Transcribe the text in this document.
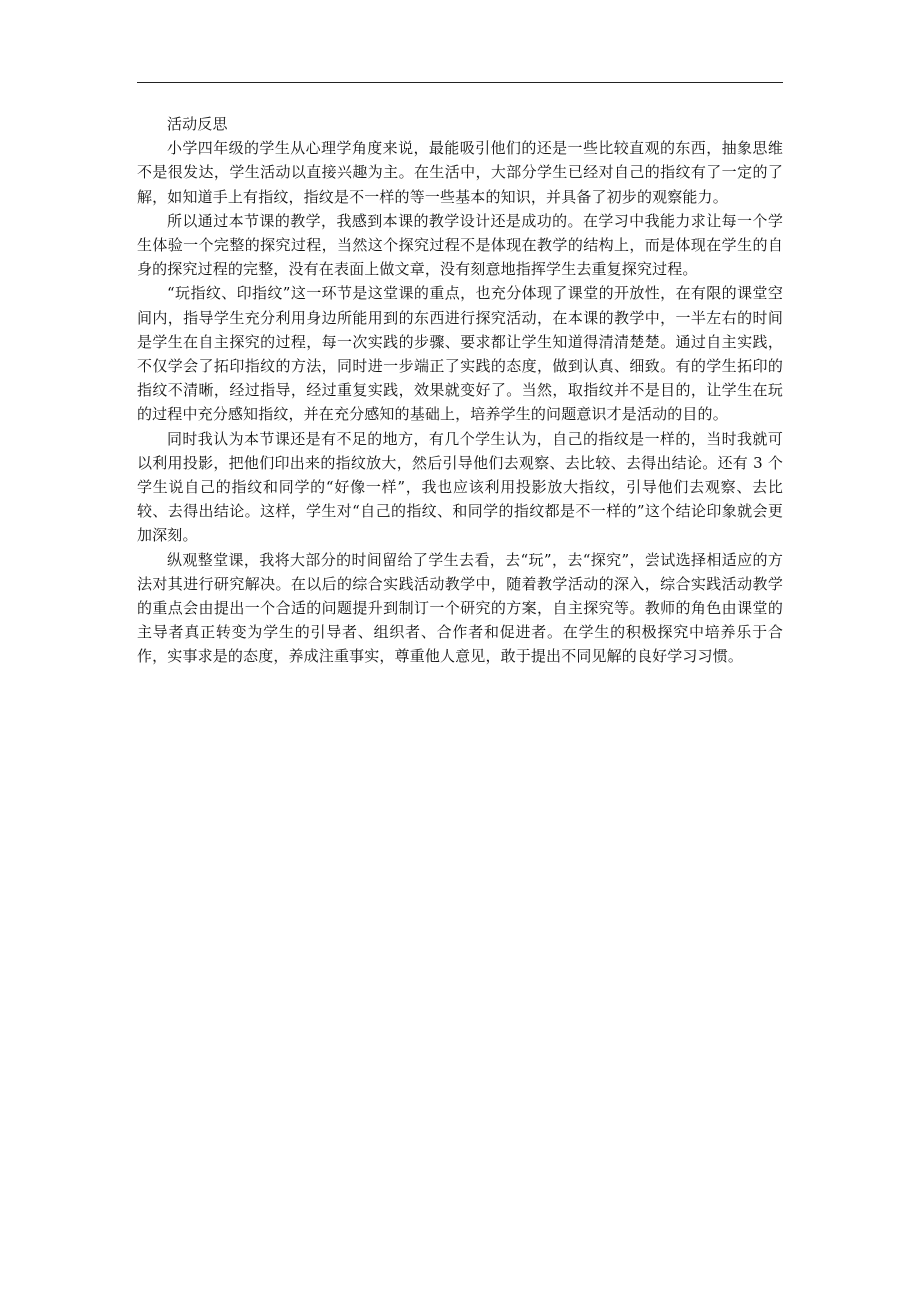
活动反思

小学四年级的学生从心理学角度来说，最能吸引他们的还是一些比较直观的东西，抽象思维不是很发达，学生活动以直接兴趣为主。在生活中，大部分学生已经对自己的指纹有了一定的了解，如知道手上有指纹，指纹是不一样的等一些基本的知识，并具备了初步的观察能力。

所以通过本节课的教学，我感到本课的教学设计还是成功的。在学习中我能力求让每一个学生体验一个完整的探究过程，当然这个探究过程不是体现在教学的结构上，而是体现在学生的自身的探究过程的完整，没有在表面上做文章，没有刻意地指挥学生去重复探究过程。

“玩指纹、印指纹”这一环节是这堂课的重点，也充分体现了课堂的开放性，在有限的课堂空间内，指导学生充分利用身边所能用到的东西进行探究活动，在本课的教学中，一半左右的时间是学生在自主探究的过程，每一次实践的步骤、要求都让学生知道得清清楚楚。通过自主实践，不仅学会了拓印指纹的方法，同时进一步端正了实践的态度，做到认真、细致。有的学生拓印的指纹不清晰，经过指导，经过重复实践，效果就变好了。当然，取指纹并不是目的，让学生在玩的过程中充分感知指纹，并在充分感知的基础上，培养学生的问题意识才是活动的目的。

同时我认为本节课还是有不足的地方，有几个学生认为，自己的指纹是一样的，当时我就可以利用投影，把他们印出来的指纹放大，然后引导他们去观察、去比较、去得出结论。还有 3 个学生说自己的指纹和同学的“好像一样”，我也应该利用投影放大指纹，引导他们去观察、去比较、去得出结论。这样，学生对“自己的指纹、和同学的指纹都是不一样的”这个结论印象就会更加深刻。

纵观整堂课，我将大部分的时间留给了学生去看，去“玩”，去“探究”，尝试选择相适应的方法对其进行研究解决。在以后的综合实践活动教学中，随着教学活动的深入，综合实践活动教学的重点会由提出一个合适的问题提升到制订一个研究的方案，自主探究等。教师的角色由课堂的主导者真正转变为学生的引导者、组织者、合作者和促进者。在学生的积极探究中培养乐于合作，实事求是的态度，养成注重事实，尊重他人意见，敢于提出不同见解的良好学习习惯。
